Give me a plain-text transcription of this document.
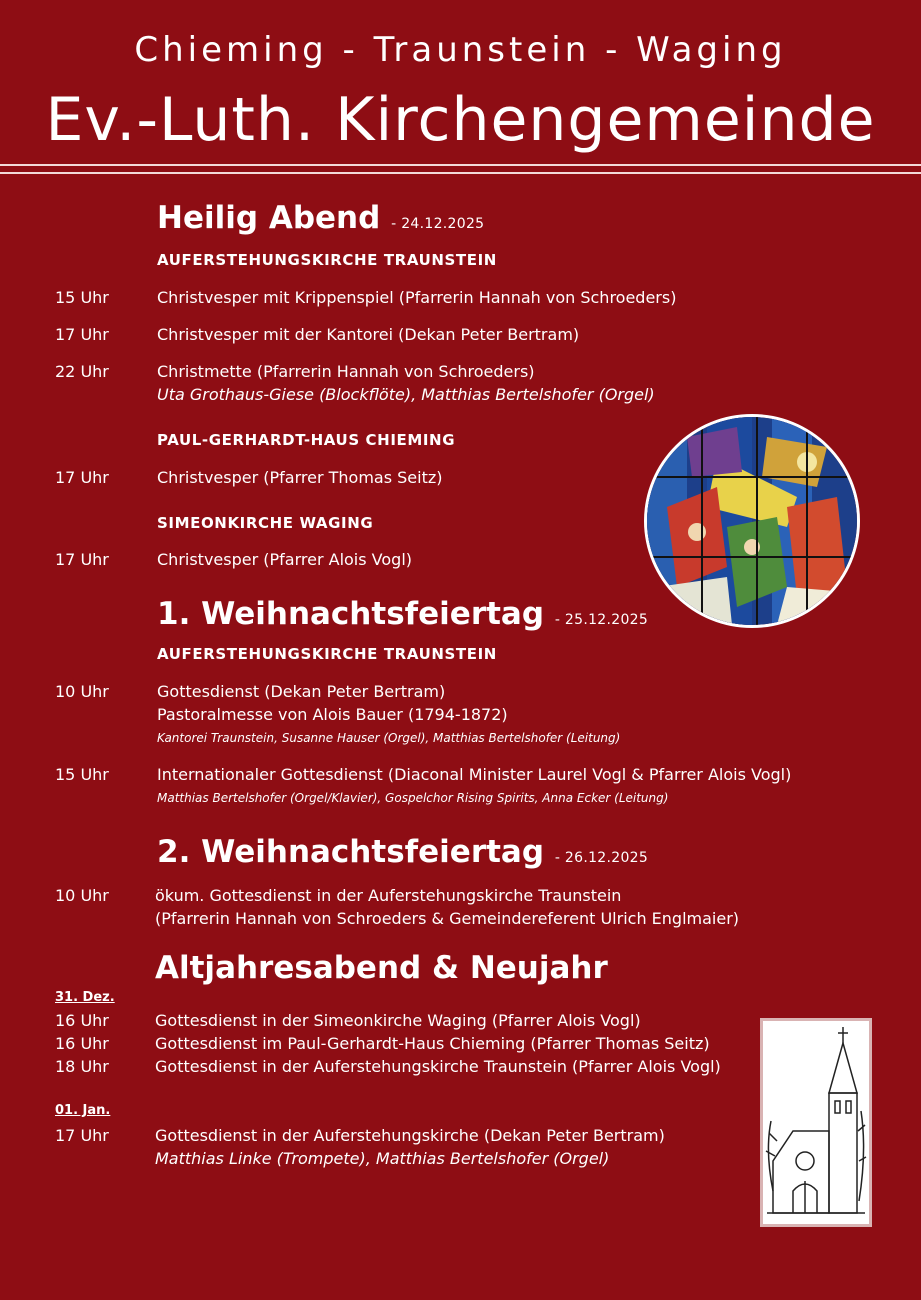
Chieming - Traunstein - Waging
Ev.-Luth. Kirchengemeinde
Heilig Abend - 24.12.2025
AUFERSTEHUNGSKIRCHE TRAUNSTEIN
15 Uhr	Christvesper mit Krippenspiel (Pfarrerin Hannah von Schroeders)
17 Uhr	Christvesper mit der Kantorei (Dekan Peter Bertram)
22 Uhr	Christmette (Pfarrerin Hannah von Schroeders)
Uta Grothaus-Giese (Blockflöte), Matthias Bertelshofer (Orgel)
PAUL-GERHARDT-HAUS CHIEMING
17 Uhr	Christvesper (Pfarrer Thomas Seitz)
SIMEONKIRCHE WAGING
17 Uhr	Christvesper (Pfarrer Alois Vogl)
1. Weihnachtsfeiertag - 25.12.2025
AUFERSTEHUNGSKIRCHE TRAUNSTEIN
10 Uhr	Gottesdienst (Dekan Peter Bertram)
Pastoralmesse von Alois Bauer (1794-1872)
Kantorei Traunstein, Susanne Hauser (Orgel), Matthias Bertelshofer (Leitung)
15 Uhr	Internationaler Gottesdienst (Diaconal Minister Laurel Vogl & Pfarrer Alois Vogl)
Matthias Bertelshofer (Orgel/Klavier), Gospelchor Rising Spirits, Anna Ecker (Leitung)
2. Weihnachtsfeiertag - 26.12.2025
10 Uhr	ökum. Gottesdienst in der Auferstehungskirche Traunstein
(Pfarrerin Hannah von Schroeders & Gemeindereferent Ulrich Englmaier)
Altjahresabend & Neujahr
31. Dez.
16 Uhr	Gottesdienst in der Simeonkirche Waging (Pfarrer Alois Vogl)
16 Uhr	Gottesdienst im Paul-Gerhardt-Haus Chieming (Pfarrer Thomas Seitz)
18 Uhr	Gottesdienst in der Auferstehungskirche Traunstein (Pfarrer Alois Vogl)
01. Jan.
17 Uhr	Gottesdienst in der Auferstehungskirche (Dekan Peter Bertram)
Matthias Linke (Trompete), Matthias Bertelshofer (Orgel)
